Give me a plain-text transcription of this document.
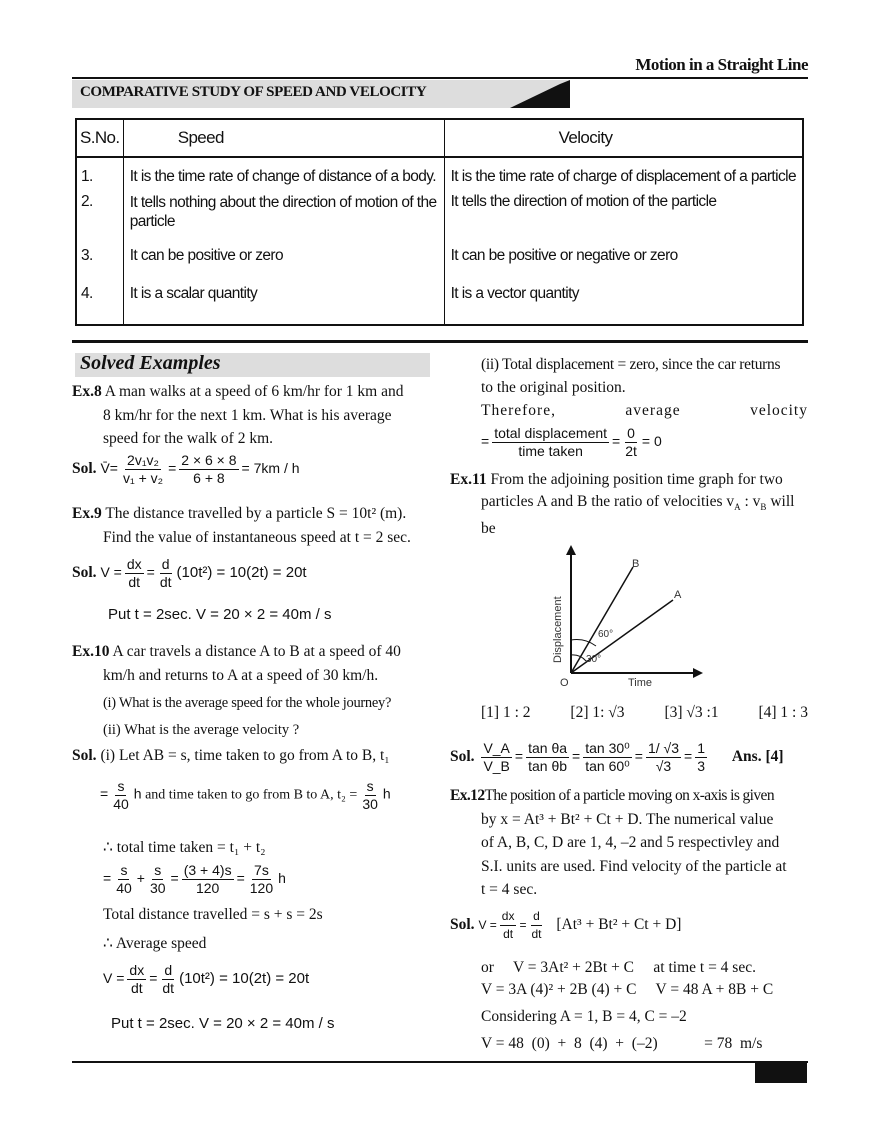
Motion in a Straight Line
COMPARATIVE STUDY OF SPEED AND VELOCITY
S.No.	Speed	Velocity
1.	It is the time rate of change of distance of a body.	It is the time rate of charge of displacement of a particle
2.	It tells nothing about the direction of motion of the particle	It tells the direction of motion of the particle
3.	It can be positive or zero	It can be positive or negative or zero
4.	It is a scalar quantity	It is a vector quantity
Solved Examples
Ex.8 A man walks at a speed of 6 km/hr for 1 km and
8 km/hr for the next 1 km. What is his average
speed for the walk of 2 km.
Sol. V̄= $\frac{\text{2v₁v₂}}{\text{v₁ + v₂}} = \frac{2 \times 6 \times 8}{6 + 8} = 7km / h$
Ex.9 The distance travelled by a particle S = 10t² (m).
Find the value of instantaneous speed at t = 2 sec.
Sol. $V = \frac{dx}{dt} = \frac{d}{dt} (10t^2) = 10(2t) = 20t$
Put t = 2sec. V = 20 × 2 = 40m / s
Ex.10 A car travels a distance A to B at a speed of 40
km/h and returns to A at a speed of 30 km/h.
(i) What is the average speed for the whole journey?
(ii) What is the average velocity ?
Sol. (i) Let AB = s, time taken to go from A to B, t₁
= $\frac{s}{40}$ h and time taken to go from B to A, $t_2 = \frac{s}{30}$ h
∴ total time taken = t₁ + t₂
= $\frac{s}{40} + \frac{s}{30} = \frac{(3 + 4)s}{120} = \frac{7s}{120}$ h
Total distance travelled = s + s = 2s
∴ Average speed
$V = \frac{dx}{dt} = \frac{d}{dt} (10t^2) = 10(2t) = 20t$
Put t = 2sec. V = 20 × 2 = 40m / s
(ii) Total displacement = zero, since the car returns
to the original position.
Therefore,	average	velocity
=
total displacement
time taken
= $\frac{0}{2t} = 0$
Ex.11 From the adjoining position time graph for two
particles A and B the ratio of velocities $v_A$ : $v_B$ will
be
Displacement
Time
O
B
A
60°
30°
[1] 1 : 2	[2] 1: √3	[3] √3 :1	[4] 1 : 3
Sol. $\frac{V\_A}{V\_B} = \frac{\text{tan θa}}{\text{tan θb}} = \frac{\text{tan 30⁰}}{\text{tan 60⁰}} = \frac{1/ √3}{√3} = \frac{1}{3}$ Ans. [4]
Ex.12The position of a particle moving on x-axis is given
by x = At³ + Bt² + Ct + D. The numerical value
of A, B, C, D are 1, 4, –2 and 5 respectivley and
S.I. units are used. Find velocity of the particle at
t = 4 sec.
Sol. $V = \frac{dx}{dt} = \frac{d}{dt} [At^3 + Bt^2 + Ct + D]$
or     V = 3At² + 2Bt + C     at time t = 4 sec.
V = 3A (4)² + 2B (4) + C     V = 48 A + 8B + C
Considering A = 1, B = 4, C = –2
V = 48  (0)  +  8  (4)  +  (–2)            = 78  m/s
